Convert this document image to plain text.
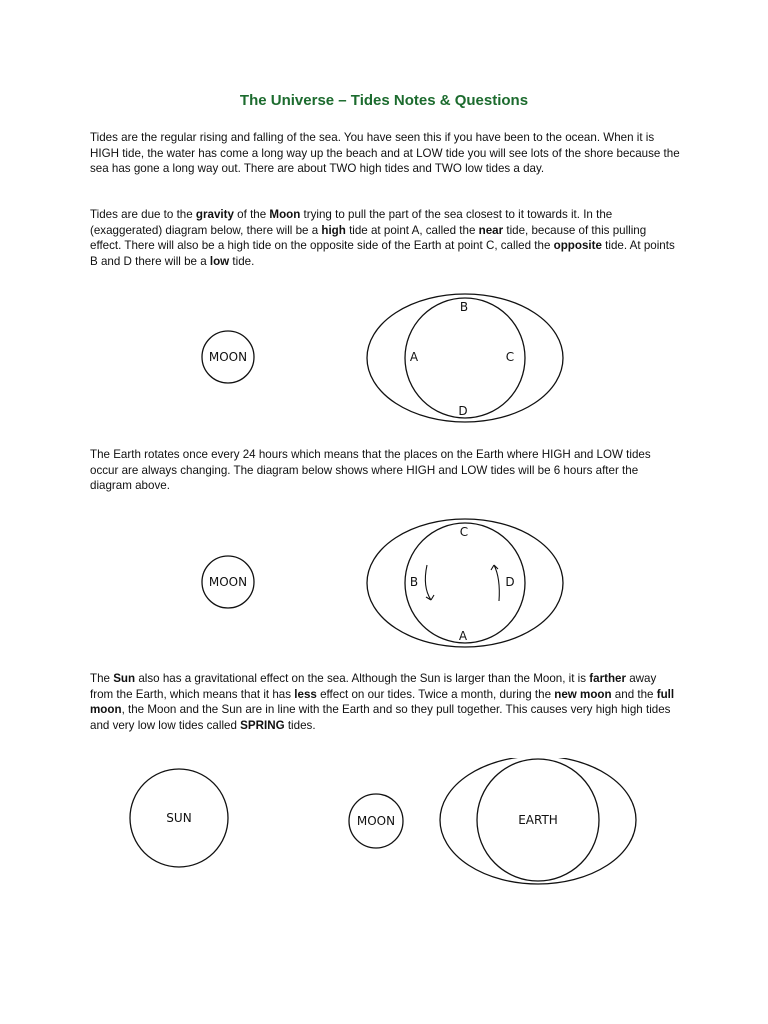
The Universe – Tides Notes & Questions

Tides are the regular rising and falling of the sea. You have seen this if you have been to the ocean. When it is HIGH tide, the water has come a long way up the beach and at LOW tide you will see lots of the shore because the sea has gone a long way out. There are about TWO high tides and TWO low tides a day.

Tides are due to the gravity of the Moon trying to pull the part of the sea closest to it towards it. In the (exaggerated) diagram below, there will be a high tide at point A, called the near tide, because of this pulling effect. There will also be a high tide on the opposite side of the Earth at point C, called the opposite tide. At points B and D there will be a low tide.

MOON
B
A	C
D

The Earth rotates once every 24 hours which means that the places on the Earth where HIGH and LOW tides occur are always changing. The diagram below shows where HIGH and LOW tides will be 6 hours after the diagram above.

MOON
C
B	D
A

The Sun also has a gravitational effect on the sea. Although the Sun is larger than the Moon, it is farther away from the Earth, which means that it has less effect on our tides. Twice a month, during the new moon and the full moon, the Moon and the Sun are in line with the Earth and so they pull together. This causes very high high tides and very low low tides called SPRING tides.

SUN	MOON	EARTH
